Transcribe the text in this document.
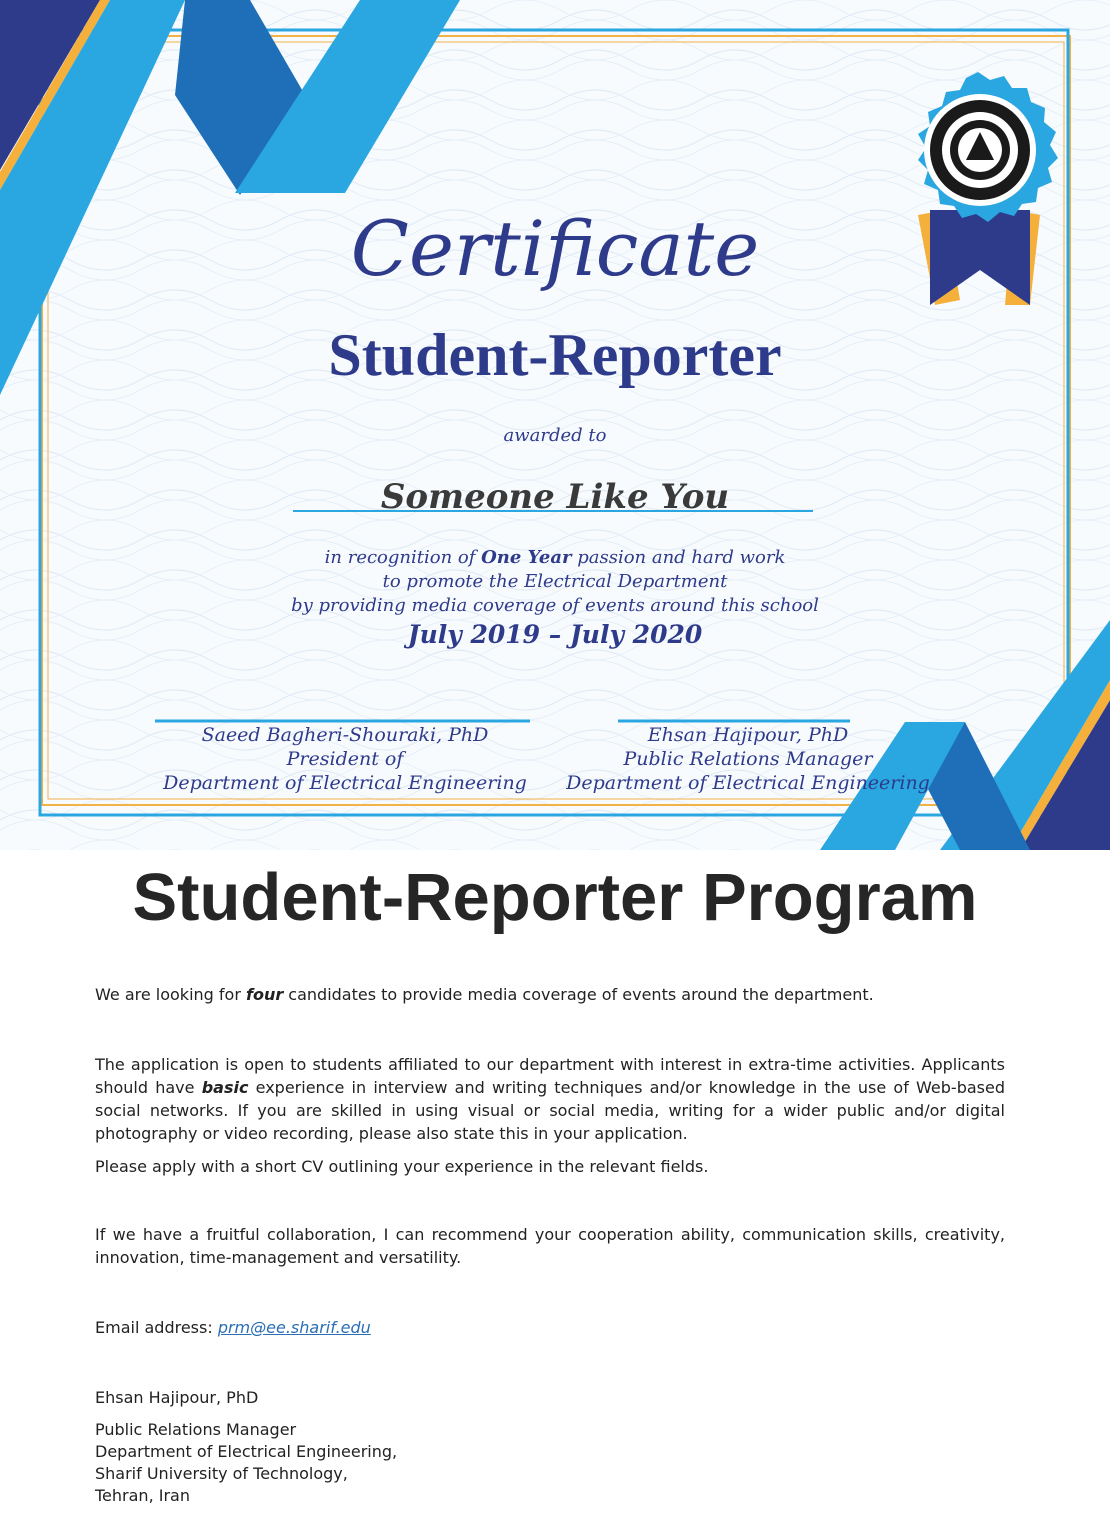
Certificate
Student-Reporter
awarded to
Someone Like You
in recognition of One Year passion and hard work
to promote the Electrical Department
by providing media coverage of events around this school
July 2019 – July 2020
Saeed Bagheri-Shouraki, PhD
President of
Department of Electrical Engineering
Ehsan Hajipour, PhD
Public Relations Manager
Department of Electrical Engineering
Student-Reporter Program
We are looking for four candidates to provide media coverage of events around the department.
The application is open to students affiliated to our department with interest in extra-time activities. Applicants should have basic experience in interview and writing techniques and/or knowledge in the use of Web-based social networks. If you are skilled in using visual or social media, writing for a wider public and/or digital photography or video recording, please also state this in your application.
Please apply with a short CV outlining your experience in the relevant fields.
If we have a fruitful collaboration, I can recommend your cooperation ability, communication skills, creativity, innovation, time-management and versatility.
Email address: prm@ee.sharif.edu
Ehsan Hajipour, PhD
Public Relations Manager
Department of Electrical Engineering,
Sharif University of Technology,
Tehran, Iran
